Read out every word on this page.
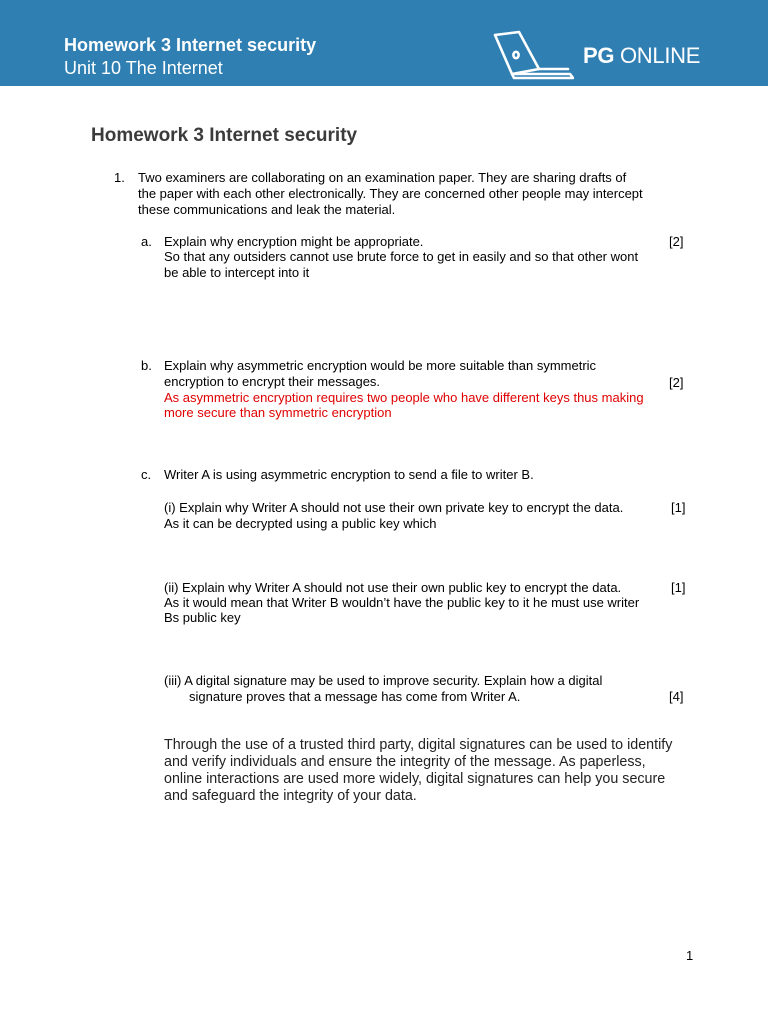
Homework 3 Internet security
Unit 10 The Internet	PG ONLINE
Homework 3 Internet security
1. Two examiners are collaborating on an examination paper. They are sharing drafts of
the paper with each other electronically. They are concerned other people may intercept
these communications and leak the material.
a. Explain why encryption might be appropriate.	[2]
So that any outsiders cannot use brute force to get in easily and so that other wont
be able to intercept into it
b. Explain why asymmetric encryption would be more suitable than symmetric
encryption to encrypt their messages.	[2]
As asymmetric encryption requires two people who have different keys thus making
more secure than symmetric encryption
c. Writer A is using asymmetric encryption to send a file to writer B.
(i) Explain why Writer A should not use their own private key to encrypt the data.	[1]
As it can be decrypted using a public key which
(ii) Explain why Writer A should not use their own public key to encrypt the data.	[1]
As it would mean that Writer B wouldn’t have the public key to it he must use writer
Bs public key
(iii) A digital signature may be used to improve security. Explain how a digital
signature proves that a message has come from Writer A.	[4]
Through the use of a trusted third party, digital signatures can be used to identify and verify individuals and ensure the integrity of the message. As paperless, online interactions are used more widely, digital signatures can help you secure and safeguard the integrity of your data.
1
